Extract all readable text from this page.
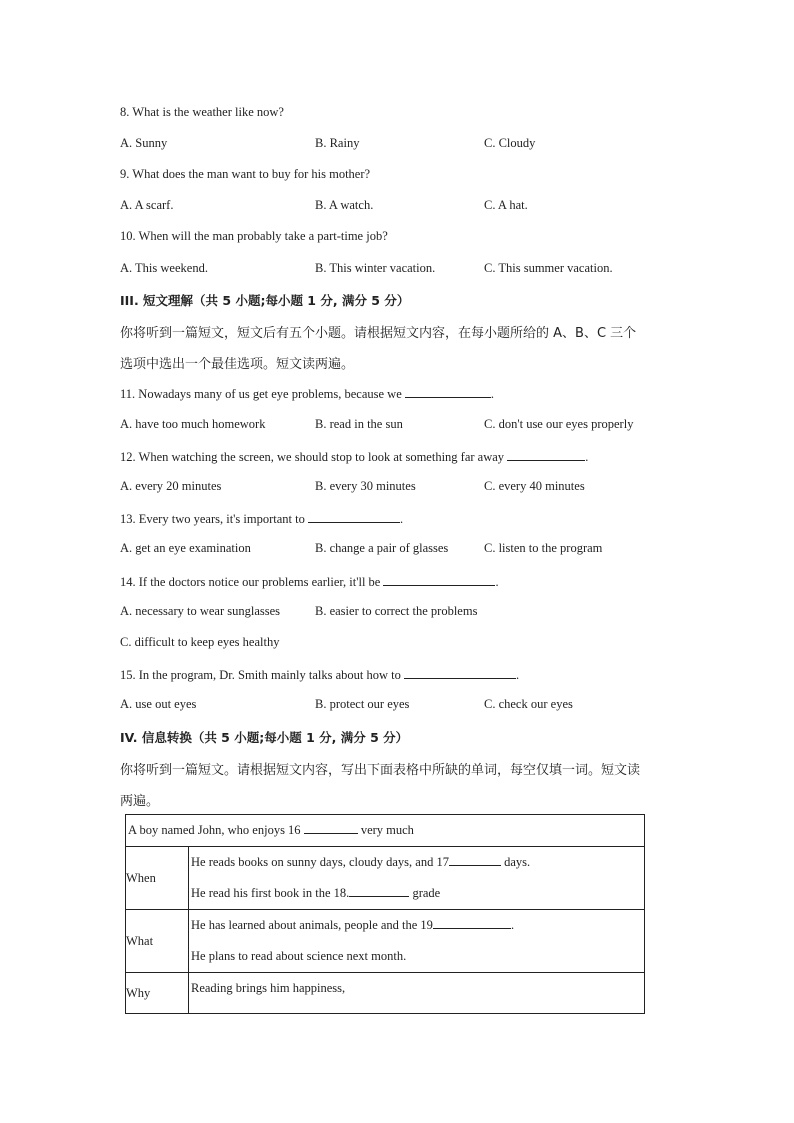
8. What is the weather like now?
A. Sunny	B. Rainy	C. Cloudy
9. What does the man want to buy for his mother?
A. A scarf.	B. A watch.	C. A hat.
10. When will the man probably take a part-time job?
A. This weekend.	B. This winter vacation.	C. This summer vacation.
III. 短文理解（共 5 小题;每小题 1 分, 满分 5 分）
你将听到一篇短文，短文后有五个小题。请根据短文内容，在每小题所给的 A、B、C 三个
选项中选出一个最佳选项。短文读两遍。
11. Nowadays many of us get eye problems, because we	.
A. have too much homework	B. read in the sun	C. don't use our eyes properly
12. When watching the screen, we should stop to look at something far away	.
A. every 20 minutes	B. every 30 minutes	C. every 40 minutes
13. Every two years, it's important to	.
A. get an eye examination	B. change a pair of glasses	C. listen to the program
14. If the doctors notice our problems earlier, it'll be	.
A. necessary to wear sunglasses	B. easier to correct the problems
C. difficult to keep eyes healthy
15. In the program, Dr. Smith mainly talks about how to	.
A. use out eyes	B. protect our eyes	C. check our eyes
IV. 信息转换（共 5 小题;每小题 1 分, 满分 5 分）
你将听到一篇短文。请根据短文内容，写出下面表格中所缺的单词，每空仅填一词。短文读
两遍。
A boy named John, who enjoys 16 very much	

When	He reads books on sunny days, cloudy days, and 17 days.
He read his first book in the 18. grade

What	He has learned about animals, people and the 19 .
He plans to read about science next month.

Why	Reading brings him happiness,
